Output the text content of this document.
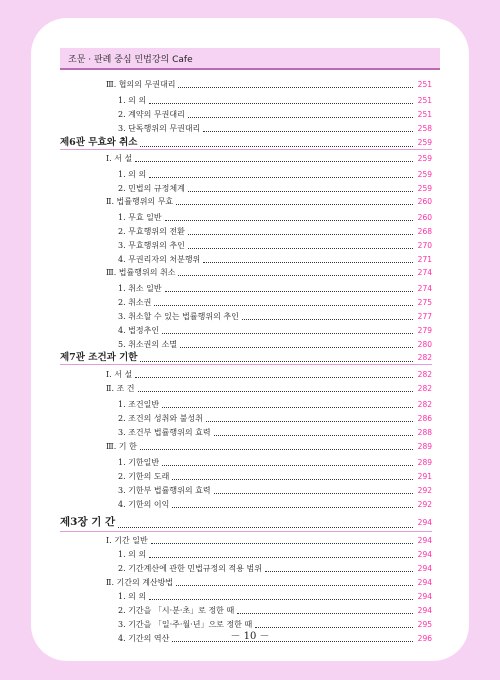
조문 · 판례 중심 민법강의 Cafe
Ⅲ. 협의의 무권대리	251
1. 의 의	251
2. 계약의 무권대리	251
3. 단독행위의 무권대리	258
제6관 무효와 취소	259
Ⅰ. 서 설	259
1. 의 의	259
2. 민법의 규정체계	259
Ⅱ. 법률행위의 무효	260
1. 무효 일반	260
2. 무효행위의 전환	268
3. 무효행위의 추인	270
4. 무권리자의 처분행위	271
Ⅲ. 법률행위의 취소	274
1. 취소 일반	274
2. 취소권	275
3. 취소할 수 있는 법률행위의 추인	277
4. 법정추인	279
5. 취소권의 소멸	280
제7관 조건과 기한	282
Ⅰ. 서 설	282
Ⅱ. 조 건	282
1. 조건일반	282
2. 조건의 성취와 불성취	286
3. 조건부 법률행위의 효력	288
Ⅲ. 기 한	289
1. 기한일반	289
2. 기한의 도래	291
3. 기한부 법률행위의 효력	292
4. 기한의 이익	292
제3장 기 간	294
Ⅰ. 기간 일반	294
1. 의 의	294
2. 기간계산에 관한 민법규정의 적용 범위	294
Ⅱ. 기간의 계산방법	294
1. 의 의	294
2. 기간을 「시·분·초」로 정한 때	294
3. 기간을 「일·주·월·년」으로 정한 때	295
4. 기간의 역산	296
－ 10 －
